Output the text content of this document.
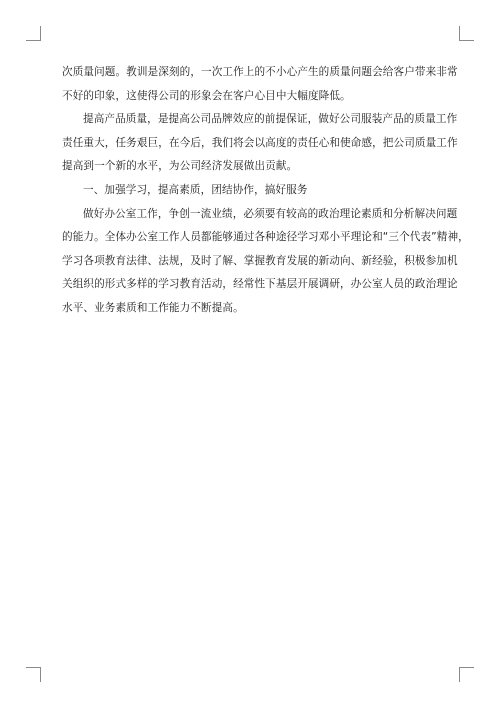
次质量问题。教训是深刻的，一次工作上的不小心产生的质量问题会给客户带来非常
不好的印象，这使得公司的形象会在客户心目中大幅度降低。
提高产品质量，是提高公司品牌效应的前提保证，做好公司服装产品的质量工作
责任重大，任务艰巨，在今后，我们将会以高度的责任心和使命感，把公司质量工作
提高到一个新的水平，为公司经济发展做出贡献。
一、加强学习，提高素质，团结协作，搞好服务
做好办公室工作，争创一流业绩，必须要有较高的政治理论素质和分析解决问题
的能力。全体办公室工作人员都能够通过各种途径学习邓小平理论和“三个代表”精神，
学习各项教育法律、法规，及时了解、掌握教育发展的新动向、新经验，积极参加机
关组织的形式多样的学习教育活动，经常性下基层开展调研，办公室人员的政治理论
水平、业务素质和工作能力不断提高。
